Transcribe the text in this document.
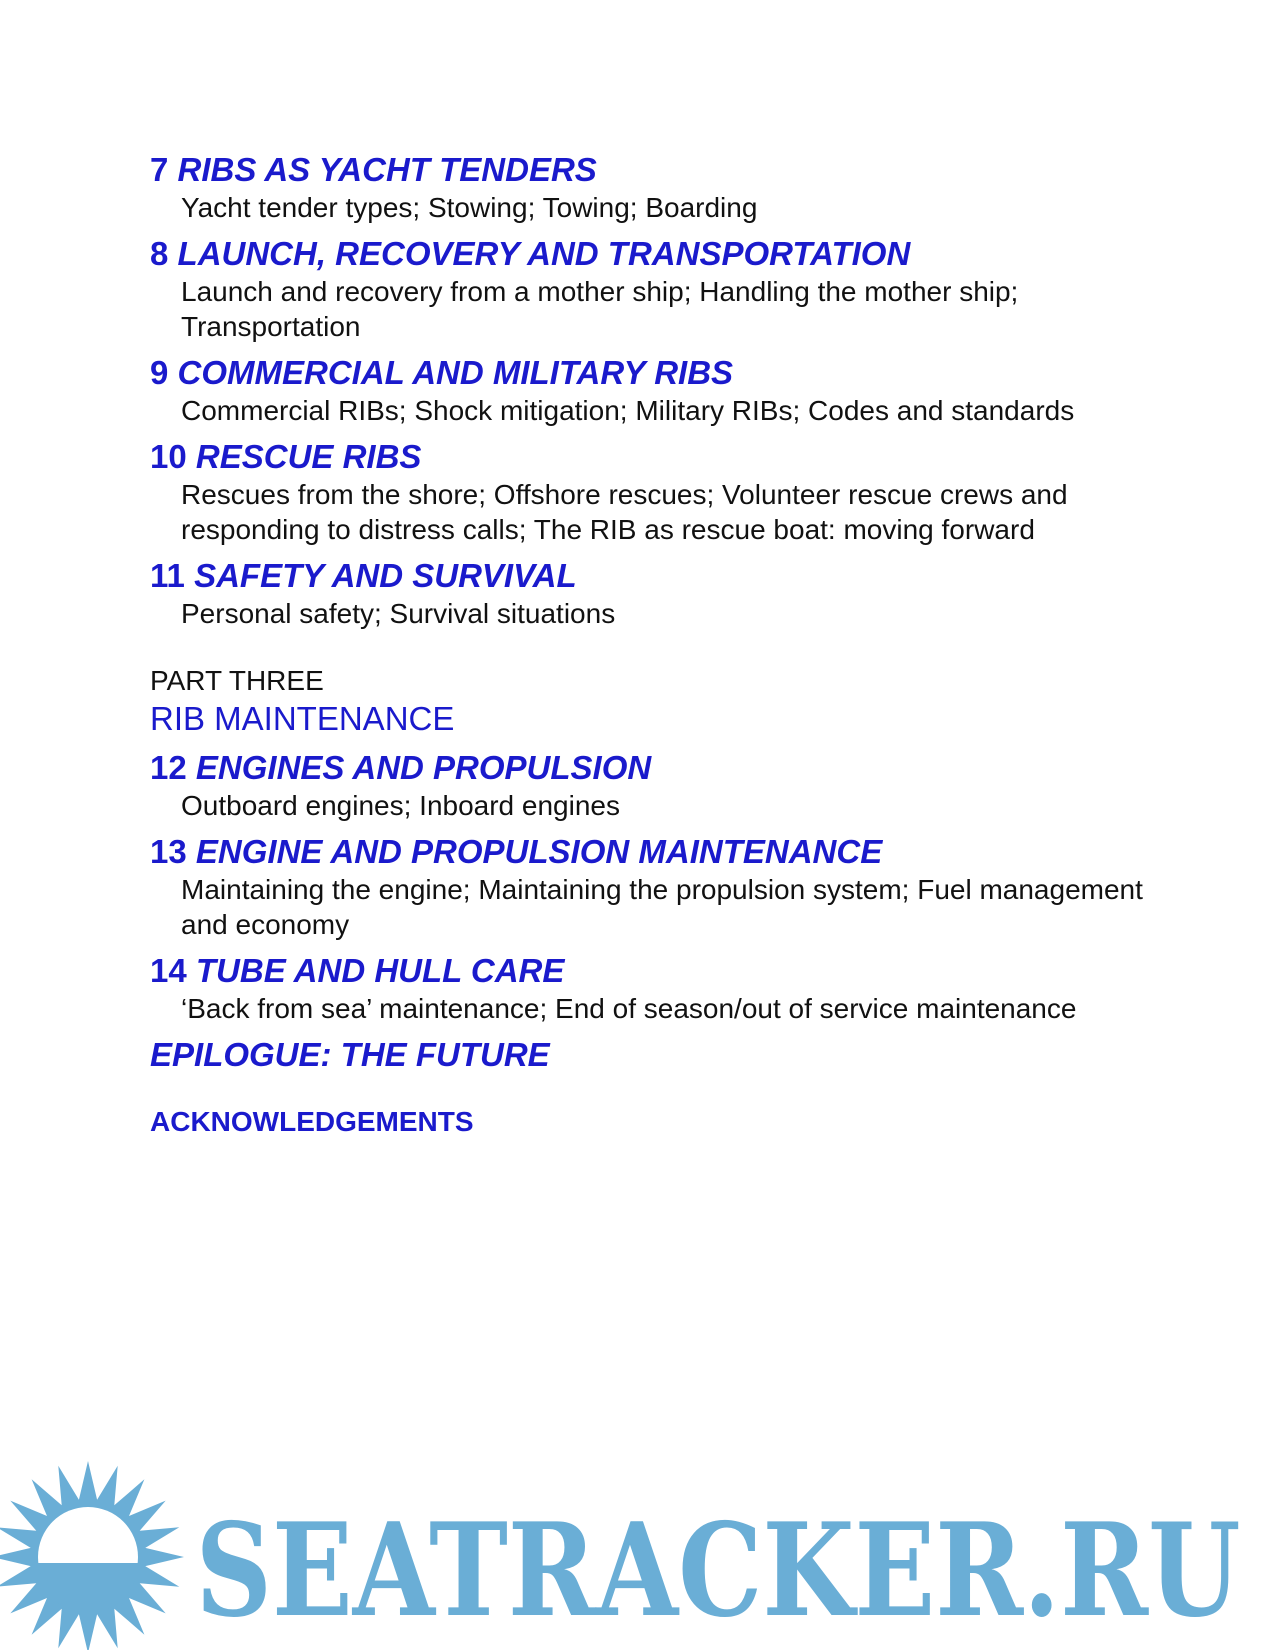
7 RIBS AS YACHT TENDERS
Yacht tender types; Stowing; Towing; Boarding
8 LAUNCH, RECOVERY AND TRANSPORTATION
Launch and recovery from a mother ship; Handling the mother ship; Transportation
9 COMMERCIAL AND MILITARY RIBS
Commercial RIBs; Shock mitigation; Military RIBs; Codes and standards
10 RESCUE RIBS
Rescues from the shore; Offshore rescues; Volunteer rescue crews and responding to distress calls; The RIB as rescue boat: moving forward
11 SAFETY AND SURVIVAL
Personal safety; Survival situations
PART THREE
RIB MAINTENANCE
12 ENGINES AND PROPULSION
Outboard engines; Inboard engines
13 ENGINE AND PROPULSION MAINTENANCE
Maintaining the engine; Maintaining the propulsion system; Fuel management and economy
14 TUBE AND HULL CARE
‘Back from sea’ maintenance; End of season/out of service maintenance
EPILOGUE: THE FUTURE
ACKNOWLEDGEMENTS
SEATRACKER.RU
